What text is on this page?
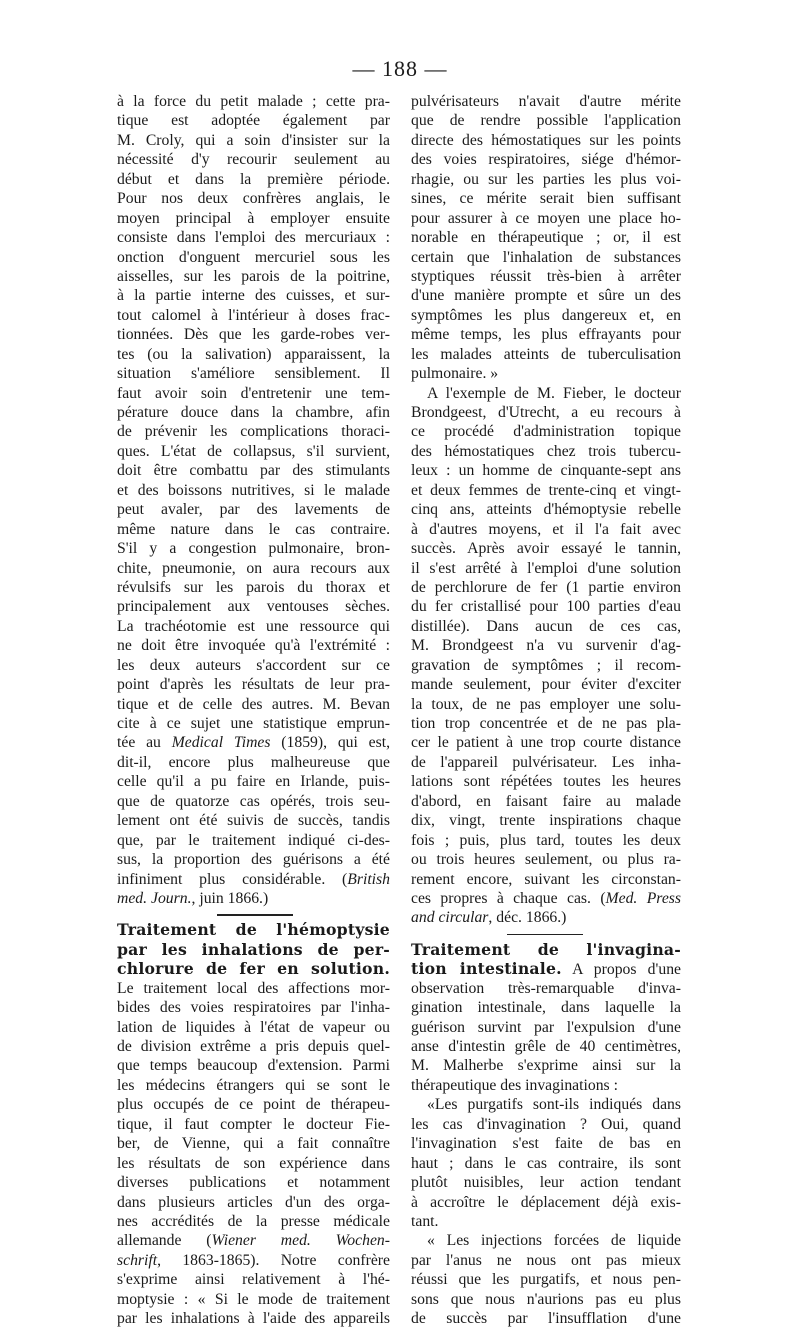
— 188 —
à la force du petit malade ; cette pra-
tique est adoptée également par
M. Croly, qui a soin d'insister sur la
nécessité d'y recourir seulement au
début et dans la première période.
Pour nos deux confrères anglais, le
moyen principal à employer ensuite
consiste dans l'emploi des mercuriaux :
onction d'onguent mercuriel sous les
aisselles, sur les parois de la poitrine,
à la partie interne des cuisses, et sur-
tout calomel à l'intérieur à doses frac-
tionnées. Dès que les garde-robes ver-
tes (ou la salivation) apparaissent, la
situation s'améliore sensiblement. Il
faut avoir soin d'entretenir une tem-
pérature douce dans la chambre, afin
de prévenir les complications thoraci-
ques. L'état de collapsus, s'il survient,
doit être combattu par des stimulants
et des boissons nutritives, si le malade
peut avaler, par des lavements de
même nature dans le cas contraire.
S'il y a congestion pulmonaire, bron-
chite, pneumonie, on aura recours aux
révulsifs sur les parois du thorax et
principalement aux ventouses sèches.
La trachéotomie est une ressource qui
ne doit être invoquée qu'à l'extrémité :
les deux auteurs s'accordent sur ce
point d'après les résultats de leur pra-
tique et de celle des autres. M. Bevan
cite à ce sujet une statistique emprun-
tée au Medical Times (1859), qui est,
dit-il, encore plus malheureuse que
celle qu'il a pu faire en Irlande, puis-
que de quatorze cas opérés, trois seu-
lement ont été suivis de succès, tandis
que, par le traitement indiqué ci-des-
sus, la proportion des guérisons a été
infiniment plus considérable. (British
med. Journ., juin 1866.)
Traitement de l'hémoptysie
par les inhalations de per-
chlorure de fer en solution.
Le traitement local des affections mor-
bides des voies respiratoires par l'inha-
lation de liquides à l'état de vapeur ou
de division extrême a pris depuis quel-
que temps beaucoup d'extension. Parmi
les médecins étrangers qui se sont le
plus occupés de ce point de thérapeu-
tique, il faut compter le docteur Fie-
ber, de Vienne, qui a fait connaître
les résultats de son expérience dans
diverses publications et notamment
dans plusieurs articles d'un des orga-
nes accrédités de la presse médicale
allemande (Wiener med. Wochen-
schrift, 1863-1865). Notre confrère
s'exprime ainsi relativement à l'hé-
moptysie : « Si le mode de traitement
par les inhalations à l'aide des appareils
pulvérisateurs n'avait d'autre mérite
que de rendre possible l'application
directe des hémostatiques sur les points
des voies respiratoires, siége d'hémor-
rhagie, ou sur les parties les plus voi-
sines, ce mérite serait bien suffisant
pour assurer à ce moyen une place ho-
norable en thérapeutique ; or, il est
certain que l'inhalation de substances
styptiques réussit très-bien à arrêter
d'une manière prompte et sûre un des
symptômes les plus dangereux et, en
même temps, les plus effrayants pour
les malades atteints de tuberculisation
pulmonaire. »
A l'exemple de M. Fieber, le docteur
Brondgeest, d'Utrecht, a eu recours à
ce procédé d'administration topique
des hémostatiques chez trois tubercu-
leux : un homme de cinquante-sept ans
et deux femmes de trente-cinq et vingt-
cinq ans, atteints d'hémoptysie rebelle
à d'autres moyens, et il l'a fait avec
succès. Après avoir essayé le tannin,
il s'est arrêté à l'emploi d'une solution
de perchlorure de fer (1 partie environ
du fer cristallisé pour 100 parties d'eau
distillée). Dans aucun de ces cas,
M. Brondgeest n'a vu survenir d'ag-
gravation de symptômes ; il recom-
mande seulement, pour éviter d'exciter
la toux, de ne pas employer une solu-
tion trop concentrée et de ne pas pla-
cer le patient à une trop courte distance
de l'appareil pulvérisateur. Les inha-
lations sont répétées toutes les heures
d'abord, en faisant faire au malade
dix, vingt, trente inspirations chaque
fois ; puis, plus tard, toutes les deux
ou trois heures seulement, ou plus ra-
rement encore, suivant les circonstan-
ces propres à chaque cas. (Med. Press
and circular, déc. 1866.)
Traitement de l'invagina-
tion intestinale. A propos d'une
observation très-remarquable d'inva-
gination intestinale, dans laquelle la
guérison survint par l'expulsion d'une
anse d'intestin grêle de 40 centimètres,
M. Malherbe s'exprime ainsi sur la
thérapeutique des invaginations :
«Les purgatifs sont-ils indiqués dans
les cas d'invagination ? Oui, quand
l'invagination s'est faite de bas en
haut ; dans le cas contraire, ils sont
plutôt nuisibles, leur action tendant
à accroître le déplacement déjà exis-
tant.
« Les injections forcées de liquide
par l'anus ne nous ont pas mieux
réussi que les purgatifs, et nous pen-
sons que nous n'aurions pas eu plus
de succès par l'insufflation d'une
